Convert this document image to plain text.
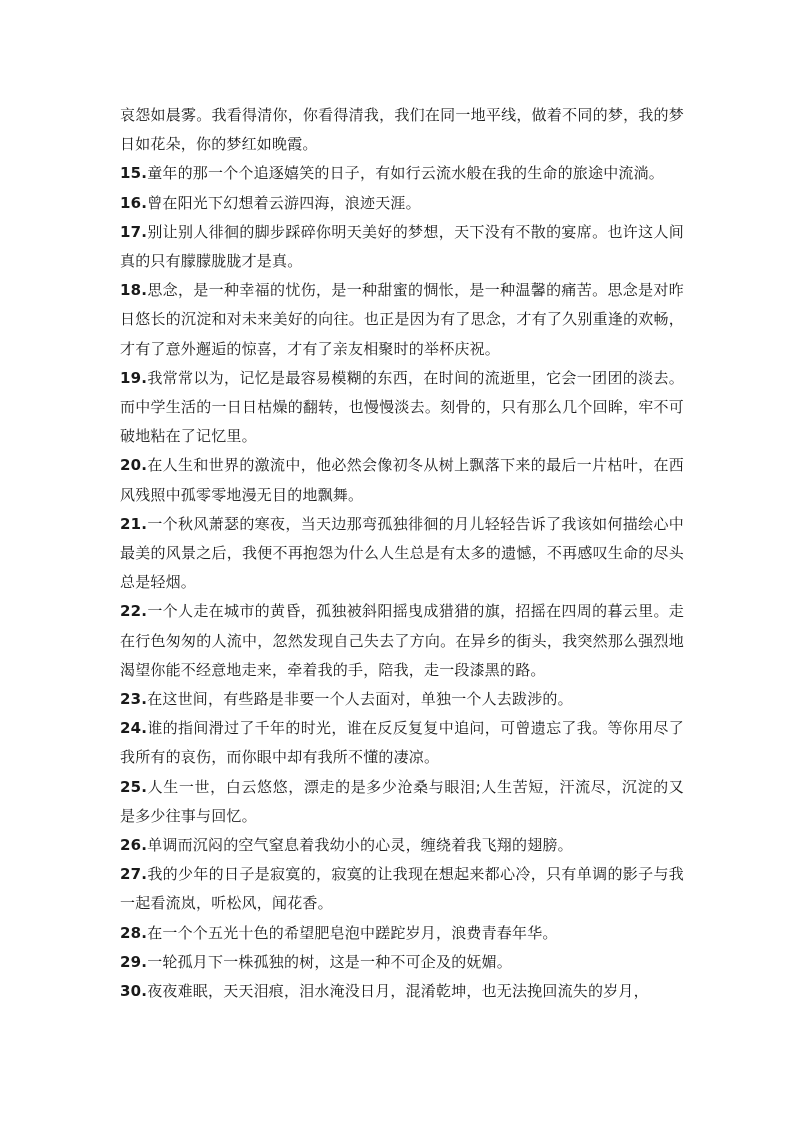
哀怨如晨雾。我看得清你，你看得清我，我们在同一地平线，做着不同的梦，我的梦日如花朵，你的梦红如晚霞。

15.童年的那一个个追逐嬉笑的日子，有如行云流水般在我的生命的旅途中流淌。

16.曾在阳光下幻想着云游四海，浪迹天涯。

17.别让别人徘徊的脚步踩碎你明天美好的梦想，天下没有不散的宴席。也许这人间真的只有朦朦胧胧才是真。

18.思念，是一种幸福的忧伤，是一种甜蜜的惆怅，是一种温馨的痛苦。思念是对昨日悠长的沉淀和对未来美好的向往。也正是因为有了思念，才有了久别重逢的欢畅，才有了意外邂逅的惊喜，才有了亲友相聚时的举杯庆祝。

19.我常常以为，记忆是最容易模糊的东西，在时间的流逝里，它会一团团的淡去。而中学生活的一日日枯燥的翻转，也慢慢淡去。刻骨的，只有那么几个回眸，牢不可破地粘在了记忆里。

20.在人生和世界的激流中，他必然会像初冬从树上飘落下来的最后一片枯叶，在西风残照中孤零零地漫无目的地飘舞。

21.一个秋风萧瑟的寒夜，当天边那弯孤独徘徊的月儿轻轻告诉了我该如何描绘心中最美的风景之后，我便不再抱怨为什么人生总是有太多的遗憾，不再感叹生命的尽头总是轻烟。

22.一个人走在城市的黄昏，孤独被斜阳摇曳成猎猎的旗，招摇在四周的暮云里。走在行色匆匆的人流中，忽然发现自己失去了方向。在异乡的街头，我突然那么强烈地渴望你能不经意地走来，牵着我的手，陪我，走一段漆黑的路。

23.在这世间，有些路是非要一个人去面对，单独一个人去跋涉的。

24.谁的指间滑过了千年的时光，谁在反反复复中追问，可曾遗忘了我。等你用尽了我所有的哀伤，而你眼中却有我所不懂的凄凉。

25.人生一世，白云悠悠，漂走的是多少沧桑与眼泪;人生苦短，汗流尽，沉淀的又是多少往事与回忆。

26.单调而沉闷的空气窒息着我幼小的心灵，缠绕着我飞翔的翅膀。

27.我的少年的日子是寂寞的，寂寞的让我现在想起来都心冷，只有单调的影子与我一起看流岚，听松风，闻花香。

28.在一个个五光十色的希望肥皂泡中蹉跎岁月，浪费青春年华。

29.一轮孤月下一株孤独的树，这是一种不可企及的妩媚。

30.夜夜难眠，天天泪痕，泪水淹没日月，混淆乾坤，也无法挽回流失的岁月，
